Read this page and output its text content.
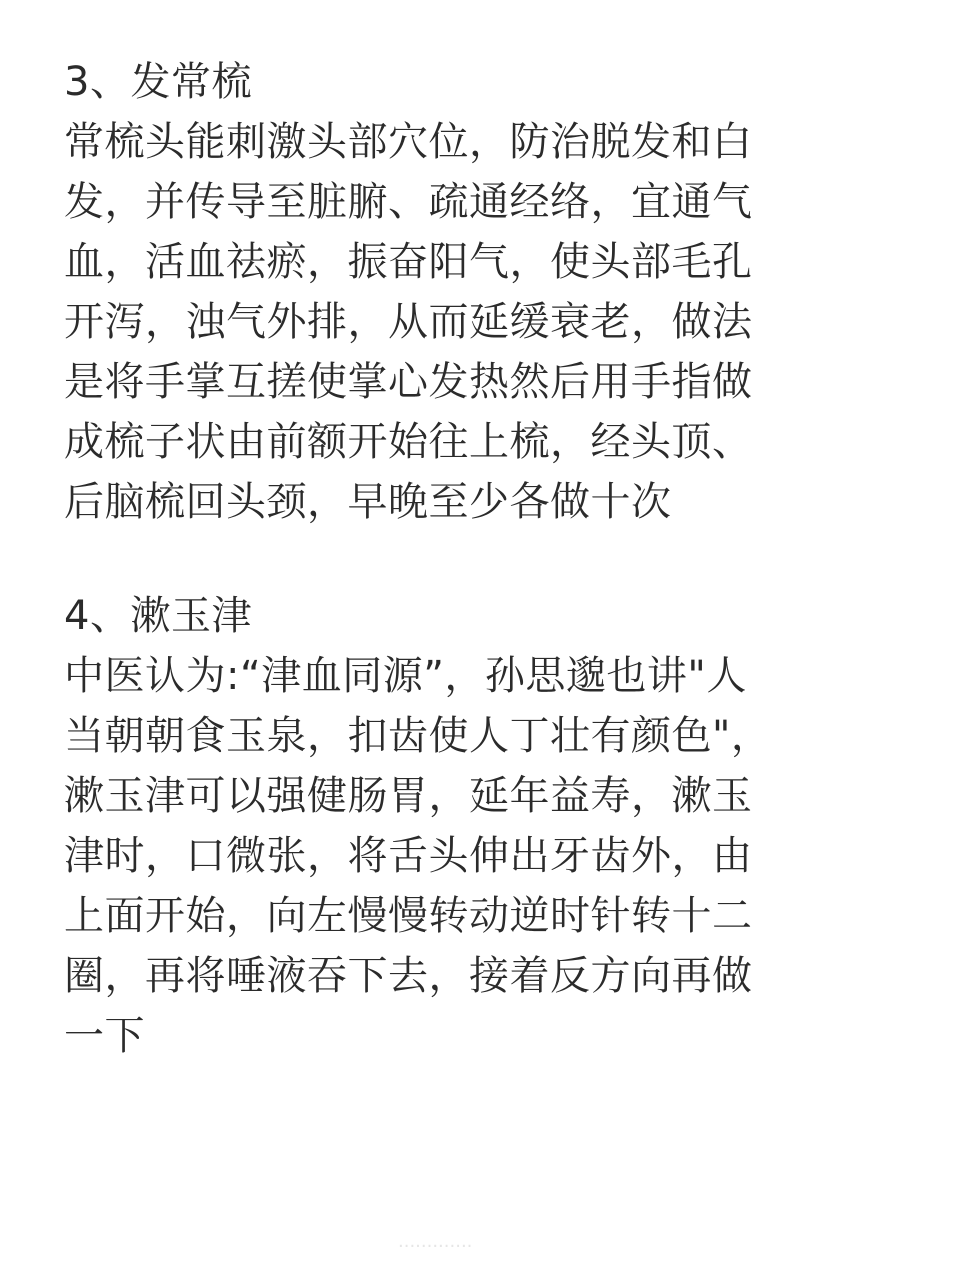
3、发常梳

常梳头能刺激头部穴位，防治脱发和白

发，并传导至脏腑、疏通经络，宜通气

血，活血祛瘀，振奋阳气，使头部毛孔

开泻，浊气外排，从而延缓衰老，做法

是将手掌互搓使掌心发热然后用手指做

成梳子状由前额开始往上梳，经头顶、

后脑梳回头颈，早晚至少各做十次

4、漱玉津

中医认为:“津血同源”，孙思邈也讲"人

当朝朝食玉泉，扣齿使人丁壮有颜色"，

漱玉津可以强健肠胃，延年益寿，漱玉

津时，口微张，将舌头伸出牙齿外，由

上面开始，向左慢慢转动逆时针转十二

圈，再将唾液吞下去，接着反方向再做

一下

·············
